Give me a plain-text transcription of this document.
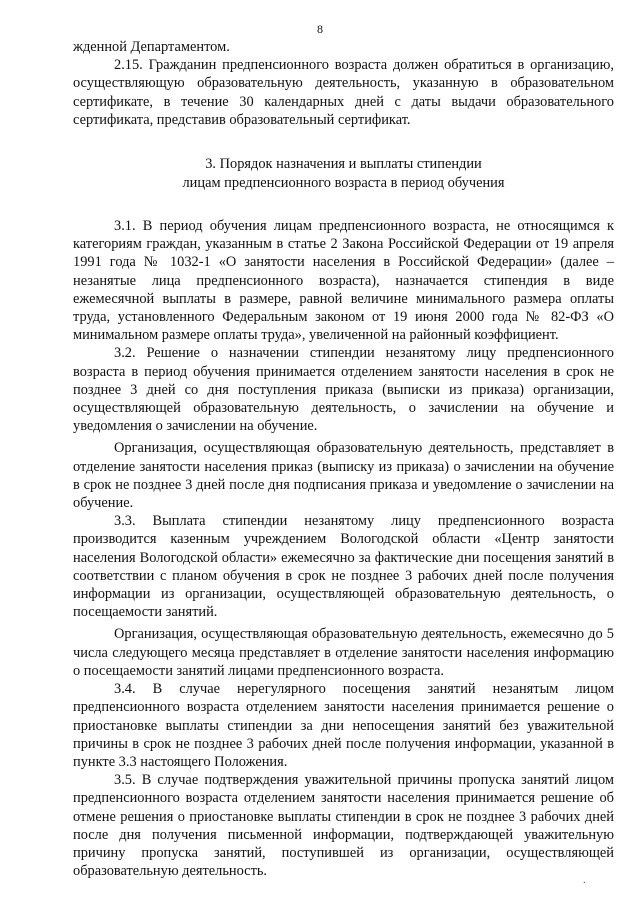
8

жденной Департаментом.

2.15. Гражданин предпенсионного возраста должен обратиться в организацию, осуществляющую образовательную деятельность, указанную в образовательном сертификате, в течение 30 календарных дней с даты выдачи образовательного сертификата, представив образовательный сертификат.

3. Порядок назначения и выплаты стипендии
лицам предпенсионного возраста в период обучения

3.1. В период обучения лицам предпенсионного возраста, не относящимся к категориям граждан, указанным в статье 2 Закона Российской Федерации от 19 апреля 1991 года № 1032-1 «О занятости населения в Российской Федерации» (далее – незанятые лица предпенсионного возраста), назначается стипендия в виде ежемесячной выплаты в размере, равной величине минимального размера оплаты труда, установленного Федеральным законом от 19 июня 2000 года № 82-ФЗ «О минимальном размере оплаты труда», увеличенной на районный коэффициент.

3.2. Решение о назначении стипендии незанятому лицу предпенсионного возраста в период обучения принимается отделением занятости населения в срок не позднее 3 дней со дня поступления приказа (выписки из приказа) организации, осуществляющей образовательную деятельность, о зачислении на обучение и уведомления о зачислении на обучение.

Организация, осуществляющая образовательную деятельность, представляет в отделение занятости населения приказ (выписку из приказа) о зачислении на обучение в срок не позднее 3 дней после дня подписания приказа и уведомление о зачислении на обучение.

3.3. Выплата стипендии незанятому лицу предпенсионного возраста производится казенным учреждением Вологодской области «Центр занятости населения Вологодской области» ежемесячно за фактические дни посещения занятий в соответствии с планом обучения в срок не позднее 3 рабочих дней после получения информации из организации, осуществляющей образовательную деятельность, о посещаемости занятий.

Организация, осуществляющая образовательную деятельность, ежемесячно до 5 числа следующего месяца представляет в отделение занятости населения информацию о посещаемости занятий лицами предпенсионного возраста.

3.4. В случае нерегулярного посещения занятий незанятым лицом предпенсионного возраста отделением занятости населения принимается решение о приостановке выплаты стипендии за дни непосещения занятий без уважительной причины в срок не позднее 3 рабочих дней после получения информации, указанной в пункте 3.3 настоящего Положения.

3.5. В случае подтверждения уважительной причины пропуска занятий лицом предпенсионного возраста отделением занятости населения принимается решение об отмене решения о приостановке выплаты стипендии в срок не позднее 3 рабочих дней после дня получения письменной информации, подтверждающей уважительную причину пропуска занятий, поступившей из организации, осуществляющей образовательную деятельность.

·
